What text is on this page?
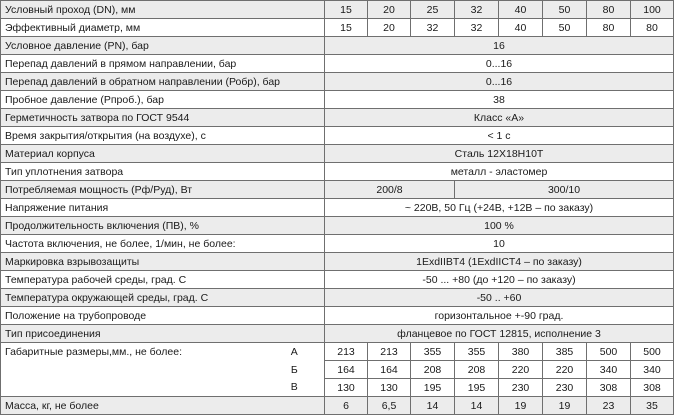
Условный проход (DN), мм		15	20	25	32	40	50	80	100
Эффективный диаметр, мм		15	20	32	32	40	50	80	80
Условное давление (PN), бар		16							
Перепад давлений в прямом направлении, бар		0...16							
Перепад давлений в обратном направлении (Робр), бар		0...16							
Пробное давление (Рпроб.), бар		38							
Герметичность затвора по ГОСТ 9544		Класс «А»							
Время закрытия/открытия (на воздухе), с		< 1 с							
Материал корпуса		Сталь 12Х18Н10Т							
Тип уплотнения затвора		металл - эластомер							
Потребляемая мощность (Рф/Руд), Вт		200/8			300/10				
Напряжение питания		~ 220В, 50 Гц (+24В, +12В – по заказу)							
Продолжительность включения (ПВ), %		100 %							
Частота включения, не более, 1/мин, не более:		10							
Маркировка взрывозащиты		1ExdIIBT4 (1ExdIICT4 – по заказу)							
Температура рабочей среды, град. С		-50 ... +80 (до +120 – по заказу)							
Температура окружающей среды, град. С		-50 .. +60							
Положение на трубопроводе		горизонтальное +-90 град.							
Тип присоединения		фланцевое по ГОСТ 12815, исполнение 3							
Габаритные размеры,мм., не более:	А	213	213	355	355	380	385	500	500
	Б	164	164	208	208	220	220	340	340
	В	130	130	195	195	230	230	308	308
Масса, кг, не более		6	6,5	14	14	19	19	23	35
